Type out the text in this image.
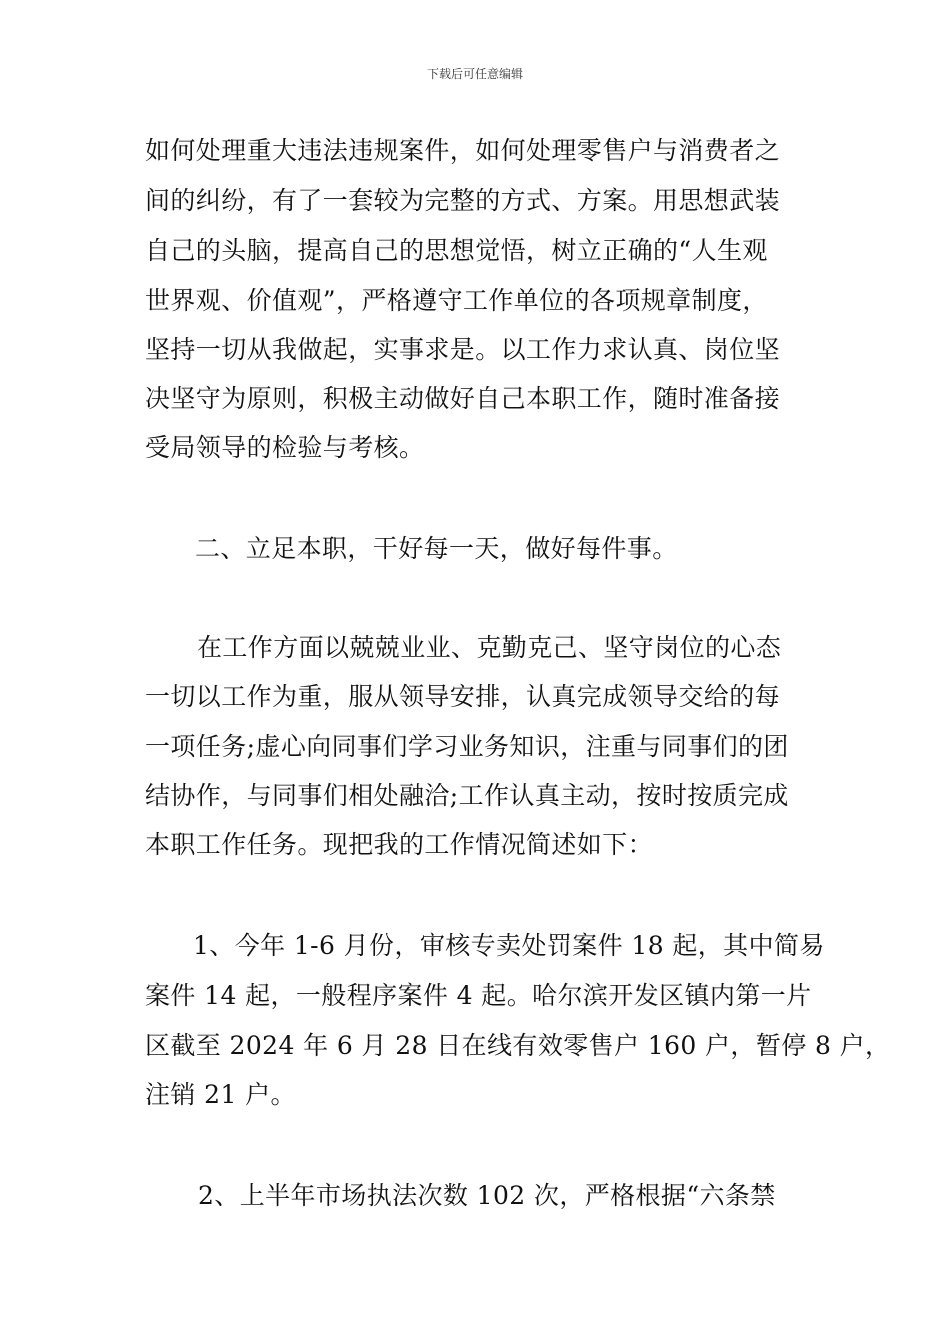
下载后可任意编辑
如何处理重大违法违规案件，如何处理零售户与消费者之
间的纠纷，有了一套较为完整的方式、方案。用思想武装
自己的头脑，提高自己的思想觉悟，树立正确的“人生观
世界观、价值观”，严格遵守工作单位的各项规章制度，
坚持一切从我做起，实事求是。以工作力求认真、岗位坚
决坚守为原则，积极主动做好自己本职工作，随时准备接
受局领导的检验与考核。
二、立足本职，干好每一天，做好每件事。
在工作方面以兢兢业业、克勤克己、坚守岗位的心态
一切以工作为重，服从领导安排，认真完成领导交给的每
一项任务;虚心向同事们学习业务知识，注重与同事们的团
结协作，与同事们相处融洽;工作认真主动，按时按质完成
本职工作任务。现把我的工作情况简述如下：
1、今年 1-6 月份，审核专卖处罚案件 18 起，其中简易
案件 14 起，一般程序案件 4 起。哈尔滨开发区镇内第一片
区截至 2024 年 6 月 28 日在线有效零售户 160 户，暂停 8 户，
注销 21 户。
2、上半年市场执法次数 102 次，严格根据“六条禁
